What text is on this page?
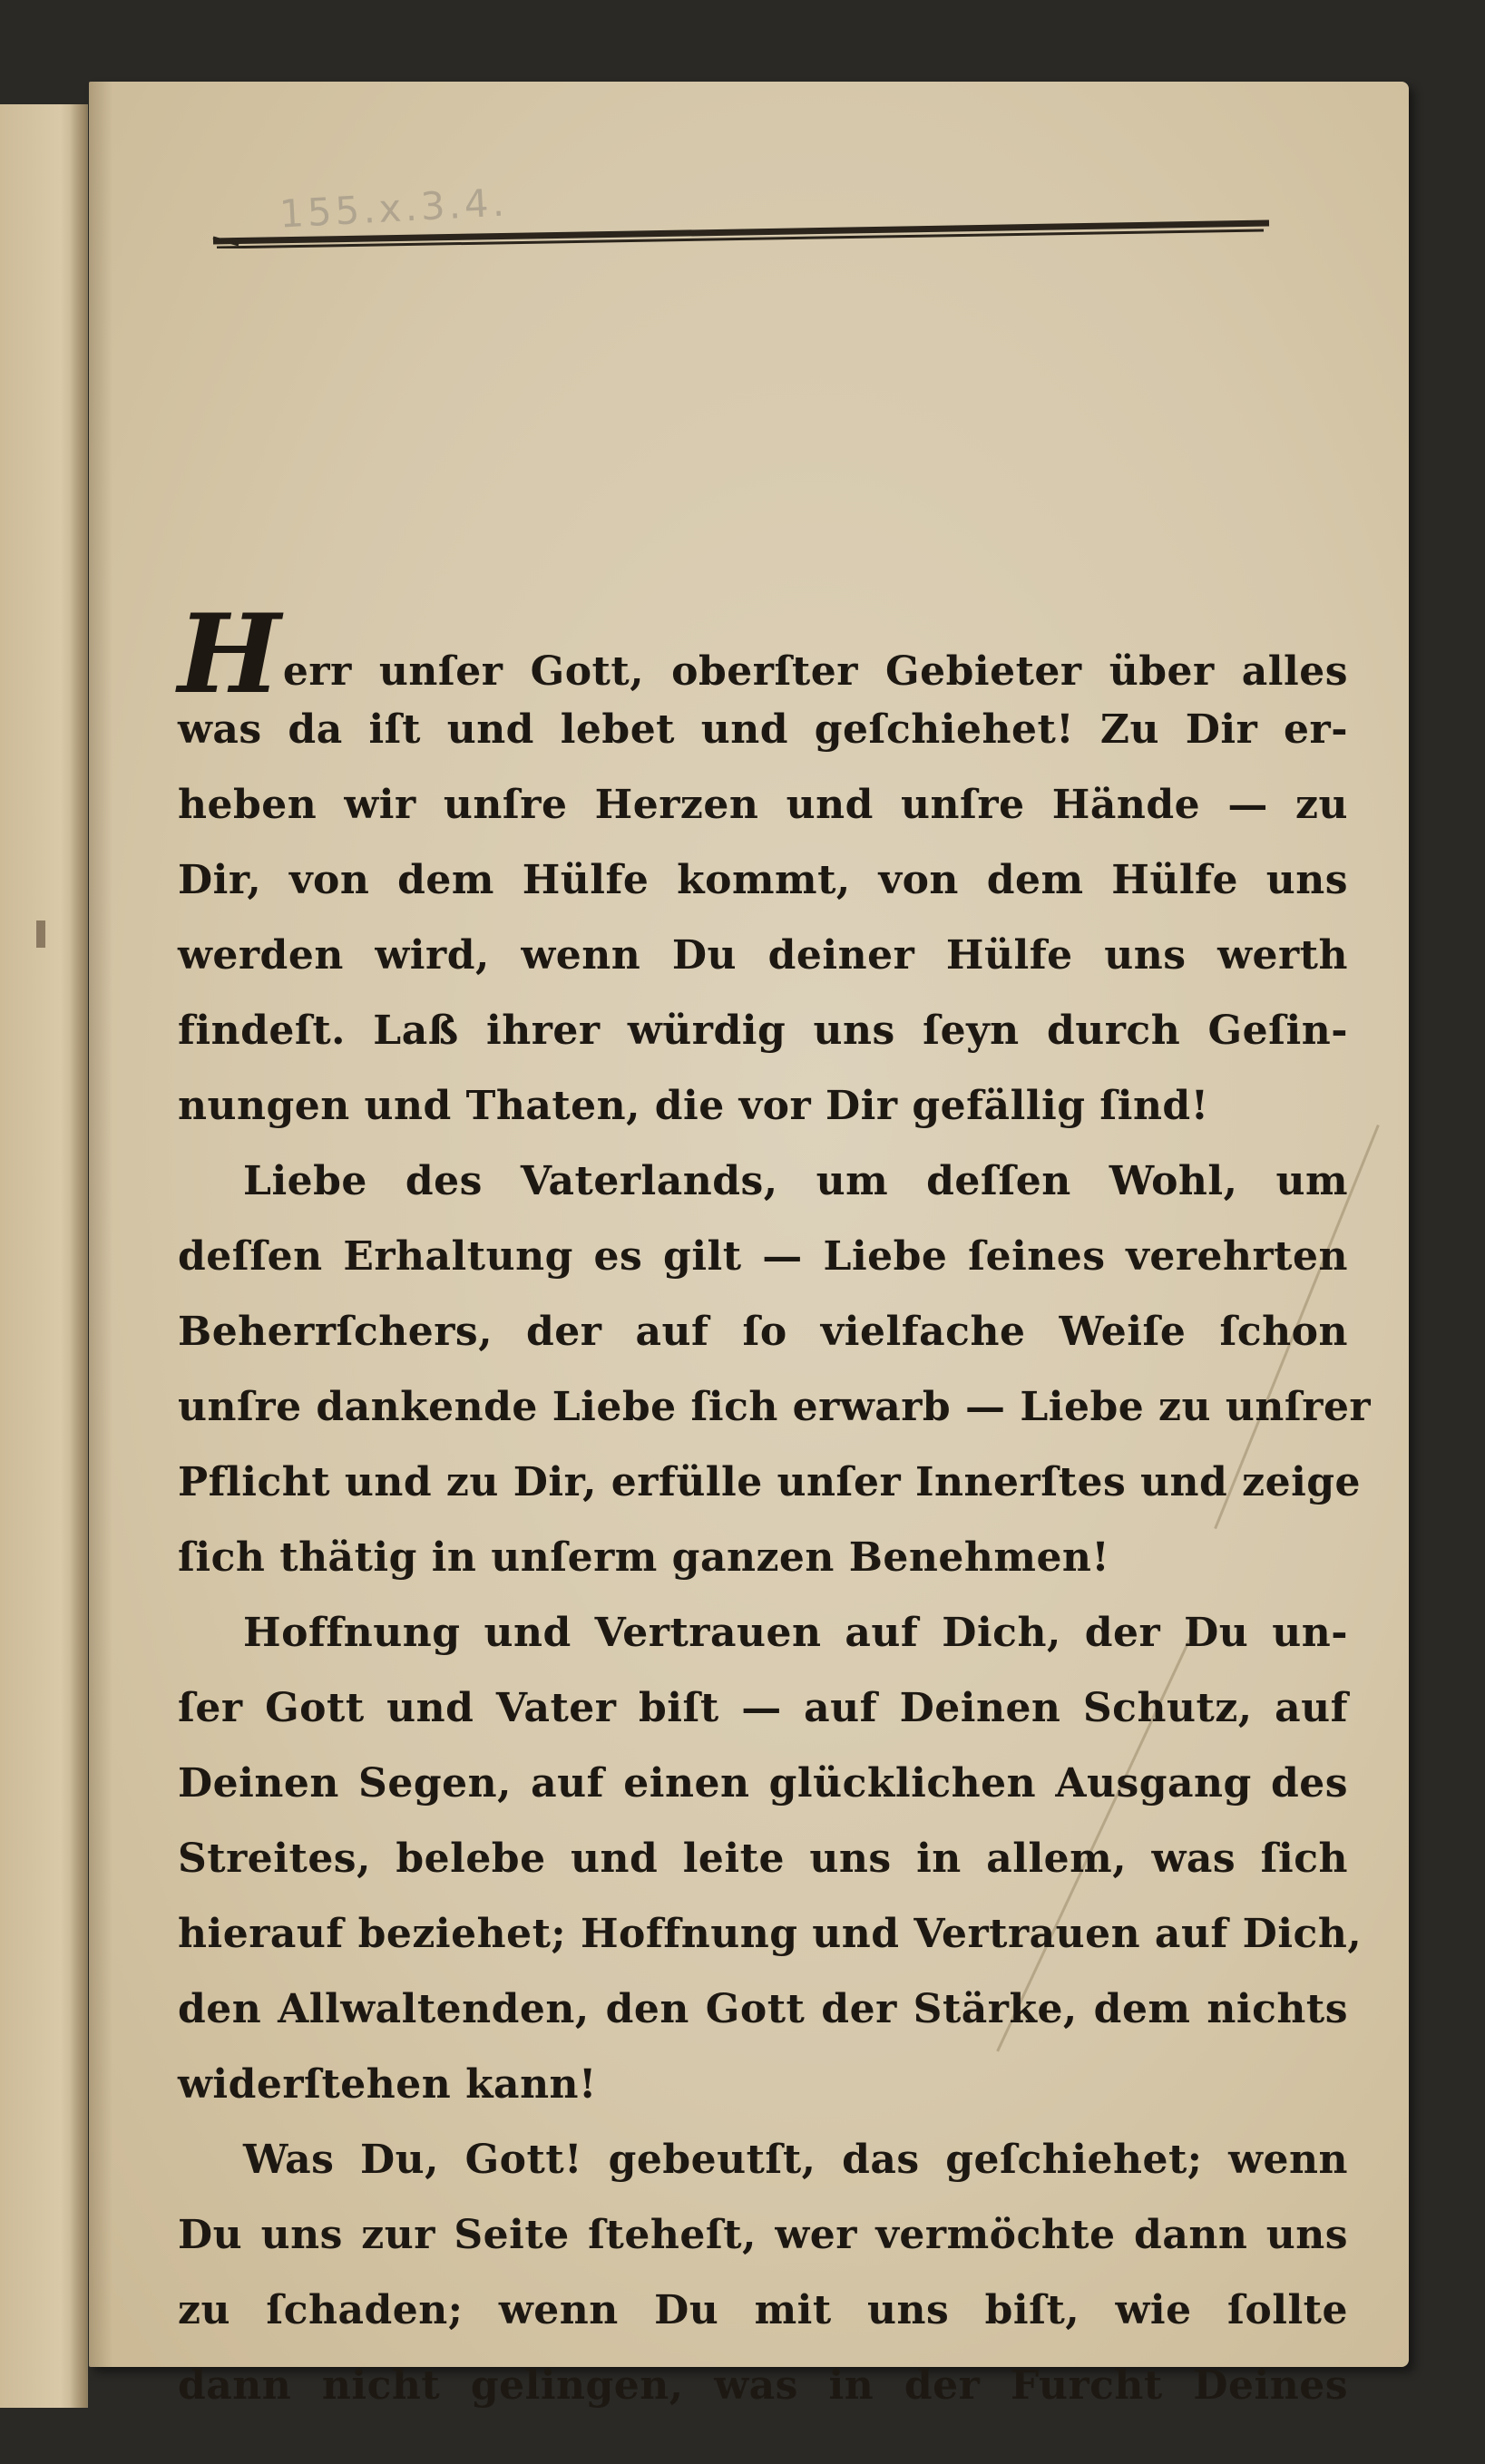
155.x.3.4.
Herr unſer Gott, oberſter Gebieter über alles
was da iſt und lebet und geſchiehet! Zu Dir er-
heben wir unſre Herzen und unſre Hände — zu
Dir, von dem Hülfe kommt, von dem Hülfe uns
werden wird, wenn Du deiner Hülfe uns werth
findeſt. Laß ihrer würdig uns ſeyn durch Geſin-
nungen und Thaten, die vor Dir gefällig ſind!
Liebe des Vaterlands, um deſſen Wohl, um
deſſen Erhaltung es gilt — Liebe ſeines verehrten
Beherrſchers, der auf ſo vielfache Weiſe ſchon
unſre dankende Liebe ſich erwarb — Liebe zu unſrer
Pflicht und zu Dir, erfülle unſer Innerſtes und zeige
ſich thätig in unſerm ganzen Benehmen!
Hoffnung und Vertrauen auf Dich, der Du un-
ſer Gott und Vater biſt — auf Deinen Schutz, auf
Deinen Segen, auf einen glücklichen Ausgang des
Streites, belebe und leite uns in allem, was ſich
hierauf beziehet; Hoffnung und Vertrauen auf Dich,
den Allwaltenden, den Gott der Stärke, dem nichts
widerſtehen kann!
Was Du, Gott! gebeutſt, das geſchiehet; wenn
Du uns zur Seite ſteheſt, wer vermöchte dann uns
zu ſchaden; wenn Du mit uns biſt, wie ſollte
dann nicht gelingen, was in der Furcht Deines
